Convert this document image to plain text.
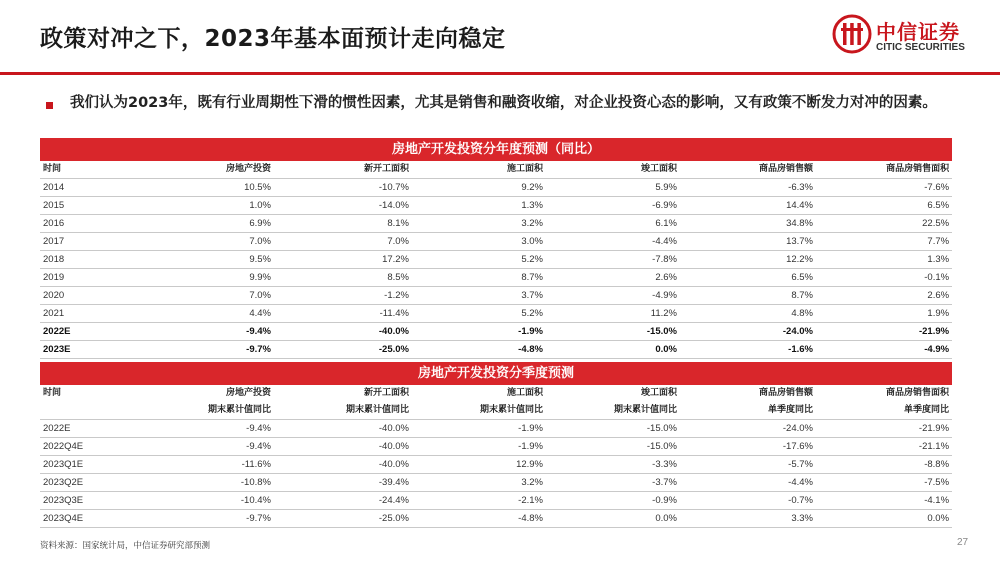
政策对冲之下，2023年基本面预计走向稳定	中信证券
CITIC SECURITIES
我们认为2023年，既有行业周期性下滑的惯性因素，尤其是销售和融资收缩，对企业投资心态的影响，又有政策不断发力对冲的因素。
房地产开发投资分年度预测（同比）						
时间	房地产投资	新开工面积	施工面积	竣工面积	商品房销售额	商品房销售面积
2014	10.5%	-10.7%	9.2%	5.9%	-6.3%	-7.6%
2015	1.0%	-14.0%	1.3%	-6.9%	14.4%	6.5%
2016	6.9%	8.1%	3.2%	6.1%	34.8%	22.5%
2017	7.0%	7.0%	3.0%	-4.4%	13.7%	7.7%
2018	9.5%	17.2%	5.2%	-7.8%	12.2%	1.3%
2019	9.9%	8.5%	8.7%	2.6%	6.5%	-0.1%
2020	7.0%	-1.2%	3.7%	-4.9%	8.7%	2.6%
2021	4.4%	-11.4%	5.2%	11.2%	4.8%	1.9%
2022E	-9.4%	-40.0%	-1.9%	-15.0%	-24.0%	-21.9%
2023E	-9.7%	-25.0%	-4.8%	0.0%	-1.6%	-4.9%
房地产开发投资分季度预测						
时间	房地产投资	新开工面积	施工面积	竣工面积	商品房销售额	商品房销售面积
	期末累计值同比	期末累计值同比	期末累计值同比	期末累计值同比	单季度同比	单季度同比
2022E	-9.4%	-40.0%	-1.9%	-15.0%	-24.0%	-21.9%
2022Q4E	-9.4%	-40.0%	-1.9%	-15.0%	-17.6%	-21.1%
2023Q1E	-11.6%	-40.0%	12.9%	-3.3%	-5.7%	-8.8%
2023Q2E	-10.8%	-39.4%	3.2%	-3.7%	-4.4%	-7.5%
2023Q3E	-10.4%	-24.4%	-2.1%	-0.9%	-0.7%	-4.1%
2023Q4E	-9.7%	-25.0%	-4.8%	0.0%	3.3%	0.0%
资料来源：国家统计局，中信证券研究部预测	27
